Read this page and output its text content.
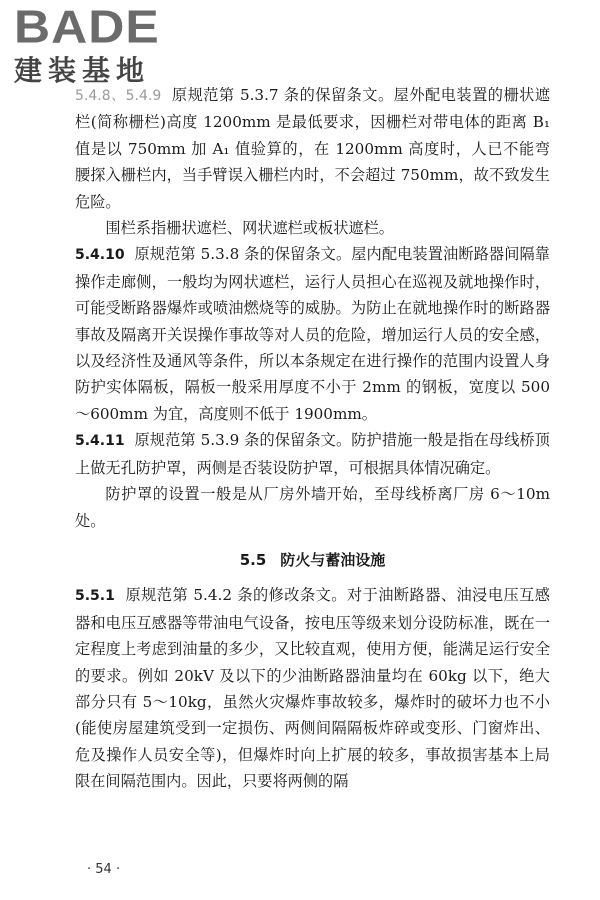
BADE
建装基地

5.4.8、5.4.9 原规范第 5.3.7 条的保留条文。屋外配电装置的栅状遮栏(简称栅栏)高度 1200mm 是最低要求，因栅栏对带电体的距离 B₁ 值是以 750mm 加 A₁ 值验算的，在 1200mm 高度时，人已不能弯腰探入栅栏内，当手臂误入栅栏内时，不会超过 750mm，故不致发生危险。

围栏系指栅状遮栏、网状遮栏或板状遮栏。

5.4.10 原规范第 5.3.8 条的保留条文。屋内配电装置油断路器间隔靠操作走廊侧，一般均为网状遮栏，运行人员担心在巡视及就地操作时，可能受断路器爆炸或喷油燃烧等的威胁。为防止在就地操作时的断路器事故及隔离开关误操作事故等对人员的危险，增加运行人员的安全感，以及经济性及通风等条件，所以本条规定在进行操作的范围内设置人身防护实体隔板，隔板一般采用厚度不小于 2mm 的钢板，宽度以 500～600mm 为宜，高度则不低于 1900mm。

5.4.11 原规范第 5.3.9 条的保留条文。防护措施一般是指在母线桥顶上做无孔防护罩，两侧是否装设防护罩，可根据具体情况确定。

防护罩的设置一般是从厂房外墙开始，至母线桥离厂房 6～10m 处。

5.5 防火与蓄油设施

5.5.1 原规范第 5.4.2 条的修改条文。对于油断路器、油浸电压互感器和电压互感器等带油电气设备，按电压等级来划分设防标准，既在一定程度上考虑到油量的多少，又比较直观，使用方便，能满足运行安全的要求。例如 20kV 及以下的少油断路器油量均在 60kg 以下，绝大部分只有 5～10kg，虽然火灾爆炸事故较多，爆炸时的破坏力也不小(能使房屋建筑受到一定损伤、两侧间隔隔板炸碎或变形、门窗炸出、危及操作人员安全等)，但爆炸时向上扩展的较多，事故损害基本上局限在间隔范围内。因此，只要将两侧的隔

· 54 ·
